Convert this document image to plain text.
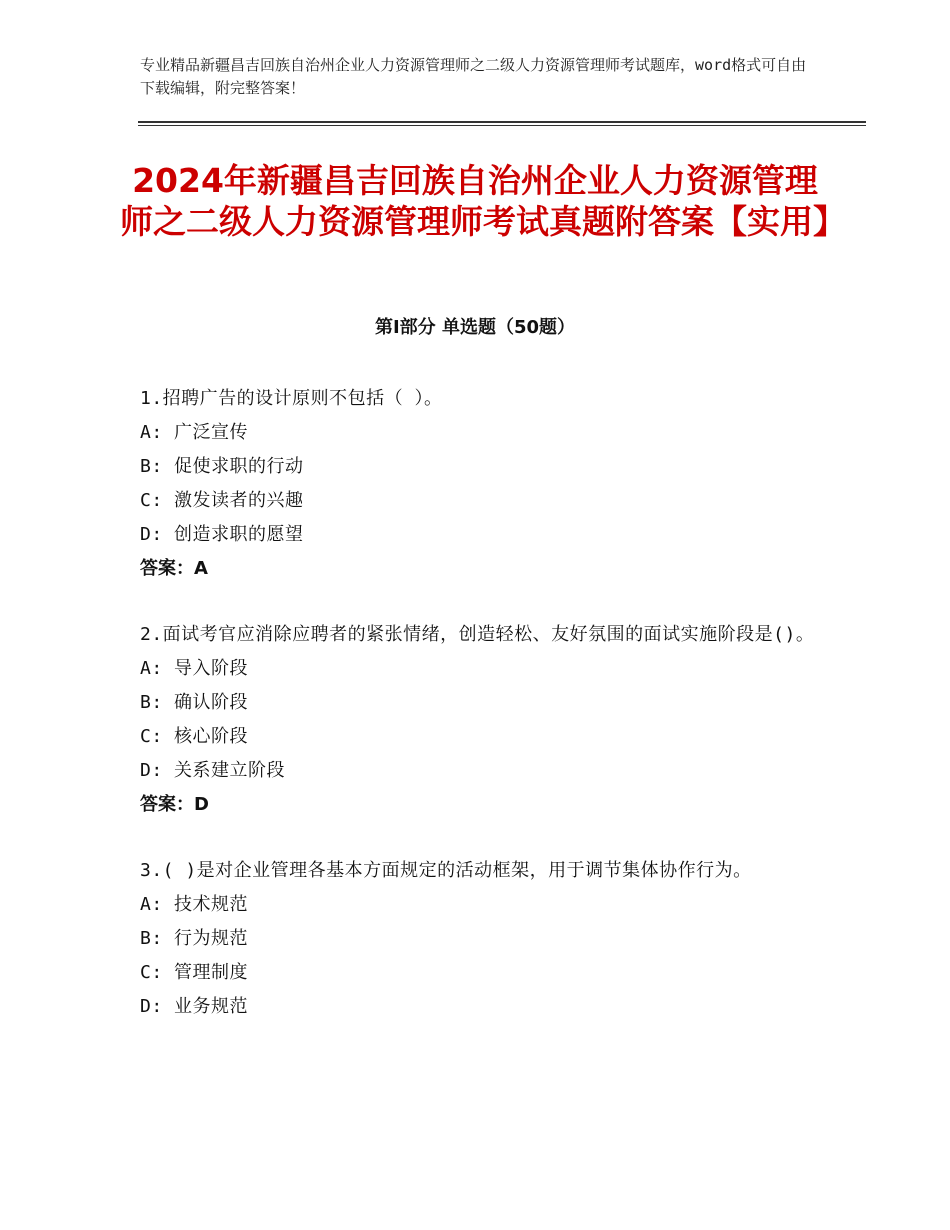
专业精品新疆昌吉回族自治州企业人力资源管理师之二级人力资源管理师考试题库，word格式可自由下载编辑，附完整答案！
2024年新疆昌吉回族自治州企业人力资源管理师之二级人力资源管理师考试真题附答案【实用】
第Ⅰ部分 单选题（50题）

1.招聘广告的设计原则不包括（ ）。

A: 广泛宣传

B: 促使求职的行动

C: 激发读者的兴趣

D: 创造求职的愿望

答案：A

2.面试考官应消除应聘者的紧张情绪，创造轻松、友好氛围的面试实施阶段是()。

A: 导入阶段

B: 确认阶段

C: 核心阶段

D: 关系建立阶段

答案：D

3.( )是对企业管理各基本方面规定的活动框架，用于调节集体协作行为。

A: 技术规范

B: 行为规范

C: 管理制度

D: 业务规范
